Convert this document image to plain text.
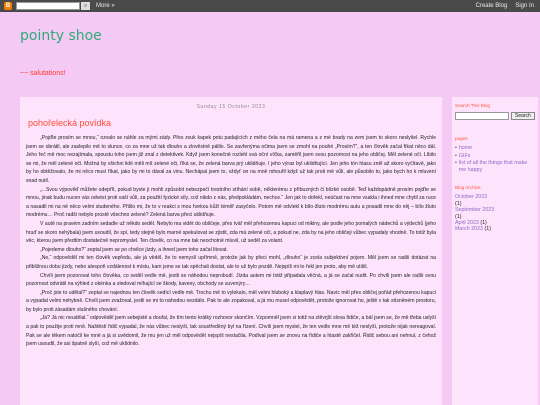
B	⌕	More »	Create Blog Sign In
pointy shoe
~~ salutations!
Sunday 15 October 2023
pohořelecká povídka

„Pojďte prosím se mnou,“ ozvalo se náhle za mými zády. Přes zvuk kapek potu padajících z mého čela na má ramena a z mé brady na zem jsem to skoro neslyšel. Rychle jsem se obrátil, ale zaslepilo mě to slunce, co za mne už tak dlouho a zlověstně pálilo. Se zavřenýma očima jsem se zmohl na pouhé „Prosím?“, a ten člověk začal fíkat něco dál. Jeho řeč mě moc nezajímala, spoustu toho jsem již znal z detektivek. Když jsem konečně rozlehl svá oční víčka, zaměřil jsem svou pozornost na jeho obličej. Měl zelené oči. Líbilo se mi, že měl zelené oči. Možná by všichni lidé měli mít zelené oči, říká se, že zelená barva prý uklidňuje. I jeho výraz byl uklidňující. Jen jeho tón hlasu zněl až skoro vyčítavě, jako by ho obtěžovalo, že mi něco musí říkat, jako by mi to dával za vinu. Nechápal jsem to, vždyť on na mně mhouřil když už tak proti mě vůli, ale působilo to, jako bych ho k mluvení snad nutil.

„...Svou výpověď můžete odepřít, pokud byste ji mohli způsobit nebezpečí trestního stíhání sobě, některému z příbuzných či blízké osobě. Teď každopádně prosím pojďte se mnou, jinak budu nucen vás odvést proti vaší vůli, za použití fyzické síly, což nikdo z nás, předpokládám, nechce.“ Jen jak to dořekl, neúčast na mne vsakla i ihned mne chytil za ruce a nasadil mi na ně něco velmi studeného. Přišlo mi, že to v reakci s mou horkou kůží téměř zasyčelo. Potom mě odvlekl k bílo-žluto modrému autu a posadil mne do něj – bílo žluto modrému… Proč radši nebylo prostě všechno zelené? Zelená barva přeci uklidňuje.

V autě na pravém zadním sedadle už někdo seděl. Nebylo ma vidět do obličeje, přes tvář měl přehozenou kapuci od mikiny, ale podle jeho pomalých nádechů a výdechů (jeho hruď se skoro nehýbala) jsem usoudil, že spí, tedy stejně bylo marné spekulovat se zjistit, zda má zelené oči, a pokud ne, zda by na jeho obličeji vůbec vypadaly vhodně. To totiž byla věc, kterou jsem předtím dostatečně nepromyslel. Ten člověk, co na mne tak neochotně mluvil, už seděl za volant.

„Pojedeme dlouho?“ zeptal jsem se po chvilce jízdy, a ihned jsem toho začal litovat.

„Ne,“ odpověděl mi ten člověk vepředu, ale já věděl, že to nemyslí upřímně, protože jak by přeci mohl, „dlouho“ je zcela subjektivní pojem. Měl jsem se radši dotázat na přibližnou dobu jízdy, nebo alespoň vzdálenost k místu, kam jsme se tak spěchali dostat, ale to už bylo pozdě. Nejspíš mi to řekl jen proto, aby mě utišil.

Chvíli jsem pozoroval toho člověka, co seděl vedle mě, jestli se náhodou neprobudí. Jízda autem mi totiž připadala věčná, a já se začal nudit. Po chvíli jsem ale radši svou pozornost odvrátil na výhled z okénka a sledoval míhající se škody, kaveny, obchody se suvenýry…

„Proč jste to udělal?“ zeptal se najednou ten člověk sedící vedle mě. Trochu mě to vylekalo, měl velmi hluboký a klaplavý hlas. Navíc měl přes obličej pořád přehozenou kapuci a vypadal velmi nehybně. Chvíli jsem zvažoval, jestli se mi to náhodou nezdálo. Pak to ale zopakoval, a já mu musel odpovědět, protože ignorovat ho, ještě v tak stísněném prostoru, by bylo proti zásadám slušného chování.

„Já? Já nic neudělal.“ odpověděl jsem sebejistě a doufal, že tím tento krátký rozhovor skončím. Vzpomněl jsem si totiž na ztěvrjší slova řidiče, a bál jsem se, že mě třeba uslyší a pak to použije proti mně. Naštěstí řidič vypadal, že nás vůbec neslyší, tak soustředěný byl na řízení. Chvíli jsem myslel, že ten vedle mne mě též neslyší, protože nijak nereagoval. Pak se ale těkem natočil ke mně a já si uvědomil, že mu jen už měl odpovědět nejspíš nestačila. Podíval jsem se znovu na řidiče a hlastě zakřičel. Řidič sebou ani nehnul, z čehož jsem usoudil, že asi špatně slyší, což mě uklidnilo.

Search This Blog
Search
pages
• home
• GIFs
• list of all the things that make me happy
Blog Archive
October 2023
(1)
September 2023
(1)
April 2023 (1)
March 2023 (1)
